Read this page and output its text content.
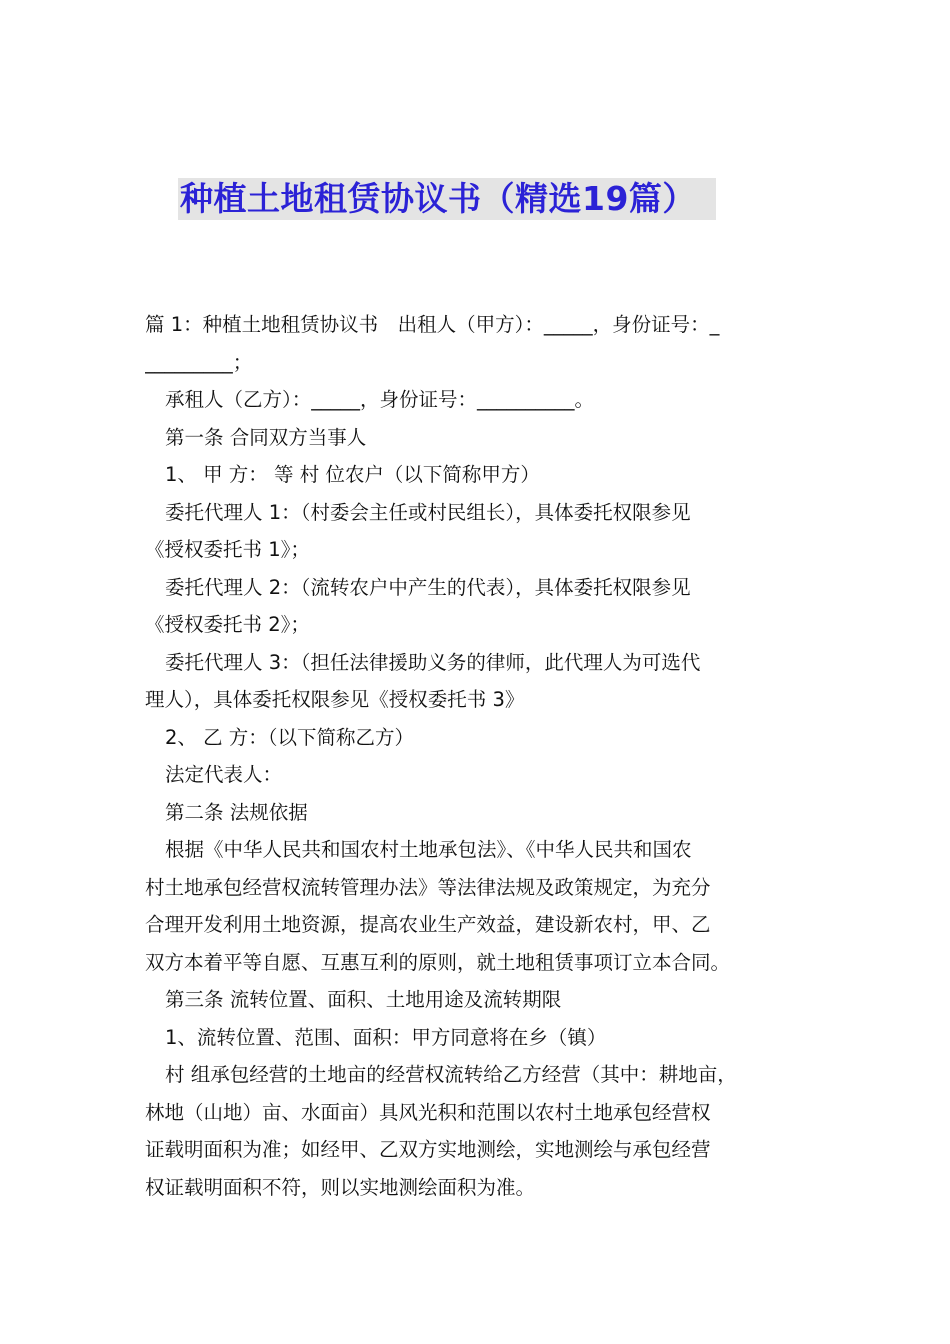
种植土地租赁协议书（精选19篇）
篇 1：种植土地租赁协议书　出租人（甲方）：_____，身份证号：_
_________；
承租人（乙方）：_____，身份证号：__________。
第一条 合同双方当事人
1、 甲 方： 等 村 位农户（以下简称甲方）
委托代理人 1：（村委会主任或村民组长），具体委托权限参见
《授权委托书 1》；
委托代理人 2：（流转农户中产生的代表），具体委托权限参见
《授权委托书 2》；
委托代理人 3：（担任法律援助义务的律师，此代理人为可选代
理人），具体委托权限参见《授权委托书 3》
2、 乙 方：（以下简称乙方）
法定代表人：
第二条 法规依据
根据《中华人民共和国农村土地承包法》、《中华人民共和国农
村土地承包经营权流转管理办法》等法律法规及政策规定，为充分
合理开发利用土地资源，提高农业生产效益，建设新农村，甲、乙
双方本着平等自愿、互惠互利的原则，就土地租赁事项订立本合同。
第三条 流转位置、面积、土地用途及流转期限
1、流转位置、范围、面积：甲方同意将在乡（镇）
村 组承包经营的土地亩的经营权流转给乙方经营（其中：耕地亩，
林地（山地）亩、水面亩）具风光积和范围以农村土地承包经营权
证载明面积为准；如经甲、乙双方实地测绘，实地测绘与承包经营
权证载明面积不符，则以实地测绘面积为准。
